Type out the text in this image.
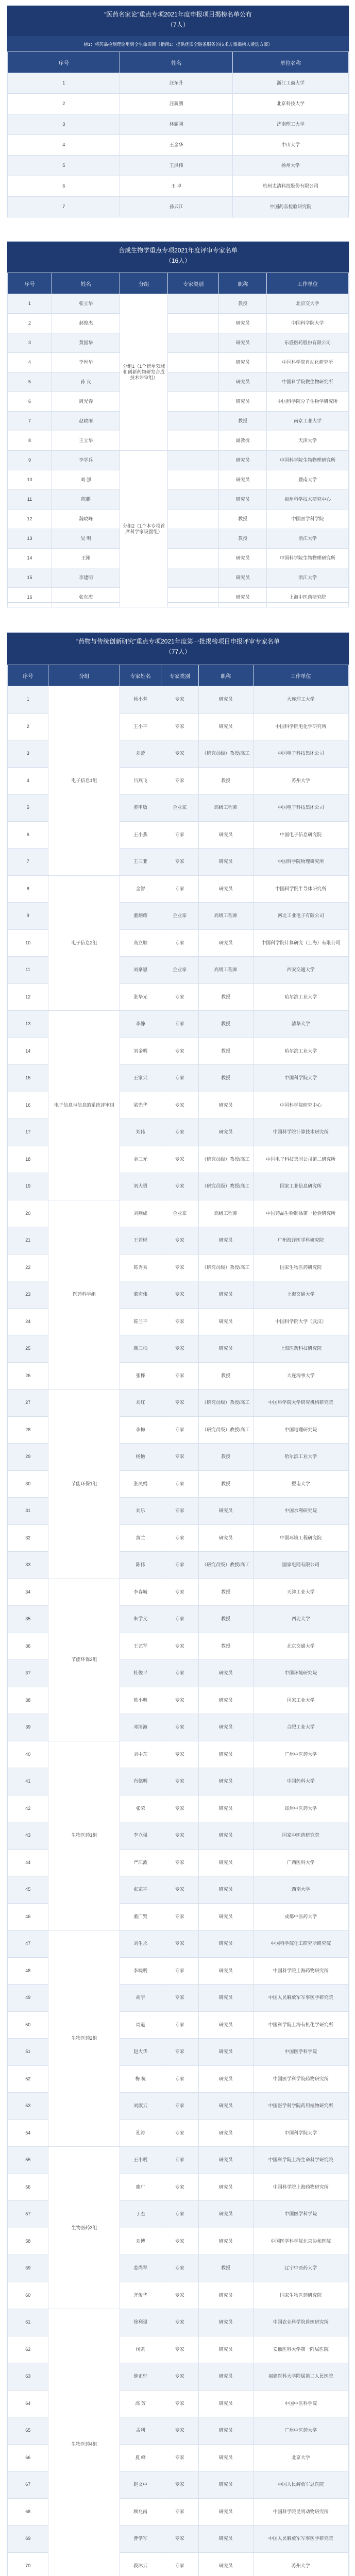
“医药名家论”重点专项2021年度申报项目揭榜名单公布
（7人）
榜1：将药品检测理论用到全生命周期（指南1：提供优质全链条服务的技术方案揭榜人遴选方案）
序号	姓名	单位名称
1	汪东升	浙江工商大学
2	汪新鹏	北京科技大学
3	林耀刚	济南理工大学
4	王金华	中山大学
5	王洪伟	扬州大学
6	王 卓	杭州太清科技股份有限公司
7	孙云江	中国药品检验研究院
合成生物学重点专项2021年度评审专家名单
（16人）
序号	姓名	分组	专家类别	职称	工作单位
1	张立华	分组1（1个榜单领域和创新药物研发合成技术评审组）		教授	北京交大学
2	郝俊杰			研究员	中国科学院大学
3	黄国华			研究员	东盛医药股份有限公司
4	李世华			研究员	中国科学院自动化研究所
5	孙 良			研究员	中国科学院微生物研究所
6	周光春			研究员	中国科学院分子生物学研究所
7	赵晓雨			教授	南京工业大学
8	王立华			副教授	天津大学
9	李学兵	分组2（1个本专项首席科学家设置组）		研究员	中国科学院生物物理研究所
10	刘 强			研究员	暨南大学
11	陈鹏			研究员	福州科学技术研究中心
12	魏晓峰			教授	中国医学科学院
13	吴 明			教授	浙江大学
14	王刚			研究员	中国科学院生物物理研究所
15	李建明			研究员	浙江大学
16	张东海			研究员	上海中医药研究院
“药物与传统创新研究”重点专项2021年度第一批揭榜项目申报评审专家名单
（77人）
序号	分组	专家姓名	专家类别	职称	工作单位
1	电子信息1组	杨小芳	专家	研究员	大连理工大学
2		王小平	专家	研究员	中国科学院电化学研究所
3		刘蕾	专家	（研究员级）教授/高工	中国电子科技集团公司
4		吕燕飞	专家	教授	苏州大学
5		黄甲敏	企业家	高级工程师	中国电子科技集团公司
6		王小燕	专家	研究员	中国电子信息研究院
7		王三亚	专家	研究员	中国科学院物理研究所
8	电子信息2组	金智	专家	研究员	中国科学院半导体研究所
9		董炳耀	企业家	高级工程师	河北工业电子有限公司
10		高立顺	专家	研究员	中国科学院计算研究（上海）有限公司
11		刘豪恩	企业家	高级工程师	西安交通大学
12		张华光	专家	教授	哈尔滨工业大学
13	电子信息与信息的系统评审组	李静	专家	教授	清华大学
14		刘金明	专家	教授	哈尔滨工业大学
15		王家兴	专家	教授	中国科学院大学
16		梁光华	专家	研究员	中国科学院研究中心
17		刘伟	专家	研究员	中国科学院计算技术研究所
18		金三元	专家	（研究员级）教授/高工	中国电子科技集团公司第二研究所
19		刘大勇	专家	（研究员级）教授/高工	国家工业信息研究所
20	医药科学组	刘燕成	企业家	高级工程师	中国药品生物制品第一检验研究所
21		王若彬	专家	研究员	广州海洋医学科研究院
22		陈秀秀	专家	（研究员级）教授/高工	国家生物医药研究院
23		董宏伟	专家	研究员	上海交通大学
24		陈兰平	专家	研究员	中国科学院大学（武汉）
25		颜三柏	专家	研究员	上海医药科技研究院
26		张桦	专家	教授	大连海事大学
27	节能环保1组	刘红	专家	（研究员级）教授/高工	中国科学院大学研究机构研究院
28		李梅	专家	（研究员级）教授/高工	中国地理研究院
29		杨艳	专家	教授	哈尔滨工业大学
30		张凤娟	专家	教授	暨南大学
31		刘乐	专家	研究员	中国水利研究院
32		黄兰	专家	研究员	中国环境工程研究院
33		陈伟	专家	（研究员级）教授/高工	国家电网有限公司
34	节能环保2组	李春城	专家	教授	天津工业大学
35		朱学义	专家	教授	西北大学
36		王艺军	专家	教授	北京交通大学
37		杜俊平	专家	研究员	中国环境研究院
38		陈小明	专家	研究员	国家工业大学
39		邓清海	专家	研究员	合肥工业大学
40	生物医药1组	刘中东	专家	研究员	广州中医药大学
41		肖德明	专家	研究员	中国药科大学
42		张荣	专家	研究员	郑州中医药大学
43		李立强	专家	研究员	国家中医药研究院
44		严江波	专家	研究员	广西医科大学
45		张家平	专家	研究员	西南大学
46		董广贤	专家	研究员	成都中医药大学
47	生物医药2组	刘生永	专家	研究员	中国科学院化工研究所研究院
48		李晓明	专家	研究员	中国科学院上海药物研究所
49		胡宇	专家	研究员	中国人民解放军军事医学研究院
50		周道	专家	研究员	中国科学院上海有机化学研究所
51		赵大华	专家	研究员	中国医学科学院
52		梅 杭	专家	研究员	中国医学科学院药物研究所
53		刘淑云	专家	研究员	中国医学科学院药用植物研究所
54		孔涛	专家	研究员	中国科学院大学
55	生物医药3组	王小明	专家	研究员	中国科学院上海生命科学研究院
56		廖广	专家	研究员	中国科学院上海药物研究所
57		丁杰	专家	研究员	中国医学科学院
58		刘博	专家	研究员	中国医学科学院北京协和医院
59		姜尚军	专家	教授	辽宁中医药大学
60		齐俊华	专家	研究员	国家生物医药研究院
61	生物医药4组	徐利强	专家	研究员	中国农业科学院兽医研究所
62		杨凯	专家	研究员	安徽医科大学第一附属医院
63		薛正轩	专家	研究员	福建医科大学附属第二人民医院
64		高 芳	专家	研究员	中国中医科学院
65		孟利	专家	研究员	广州中医药大学
66		夏 峰	专家	研究员	北京大学
67		赵文中	专家	研究员	中国人民解放军总医院
68		顾兆南	专家	研究员	中国科学院昆明动物研究所
69		曹学军	专家	研究员	中国人民解放军军事医学研究院
70		段沐云	专家	研究员	苏州大学
